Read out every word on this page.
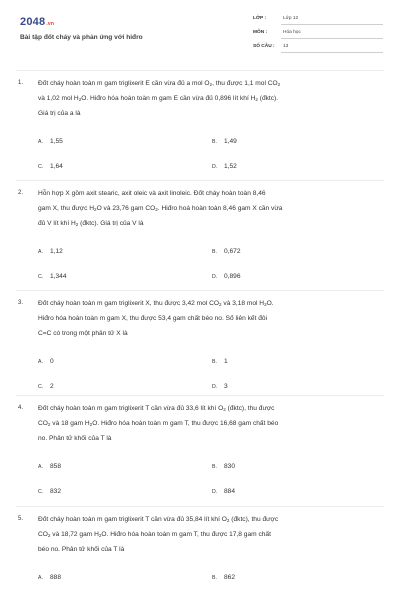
2048.vn
Bài tập đốt cháy và phản ứng với hiđro
LỚP :	Lớp 12
MÔN :	Hóa học
SỐ CÂU : 13
1. Đốt cháy hoàn toàn m gam triglixerit E cần vừa đủ a mol $O_2$, thu được 1,1 mol $CO_2$
và 1,02 mol $H_2O$. Hiđro hóa hoàn toàn m gam E cần vừa đủ 0,896 lít khí $H_2$ (đktc).
Giá trị của a là
A. 1,55	B. 1,49
C. 1,64	D. 1,52
2. Hỗn hợp X gồm axit stearic, axit oleic và axit linoleic. Đốt cháy hoàn toàn 8,46
gam X, thu được $H_2O$ và 23,76 gam $CO_2$. Hiđro hoá hoàn toàn 8,46 gam X cần vừa
đủ V lít khí $H_2$ (đktc). Giá trị của V là
A. 1,12	B. 0,672
C. 1,344	D. 0,896
3. Đốt cháy hoàn toàn m gam triglixerit X, thu được 3,42 mol $CO_2$ và 3,18 mol $H_2O$.
Hiđro hóa hoàn toàn m gam X, thu được 53,4 gam chất béo no. Số liên kết đôi
C=C có trong một phân tử X là
A. 0	B. 1
C. 2	D. 3
4. Đốt cháy hoàn toàn m gam triglixerit T cần vừa đủ 33,6 lít khí $O_2$ (đktc), thu được
$CO_2$ và 18 gam $H_2O$. Hiđro hóa hoàn toàn m gam T, thu được 16,68 gam chất béo
no. Phân tử khối của T là
A. 858	B. 830
C. 832	D. 884
5. Đốt cháy hoàn toàn m gam triglixerit T cần vừa đủ 35,84 lít khí $O_2$ (đktc), thu được
$CO_2$ và 18,72 gam $H_2O$. Hiđro hóa hoàn toàn m gam T, thu được 17,8 gam chất
béo no. Phân tử khối của T là
A. 888	B. 862
